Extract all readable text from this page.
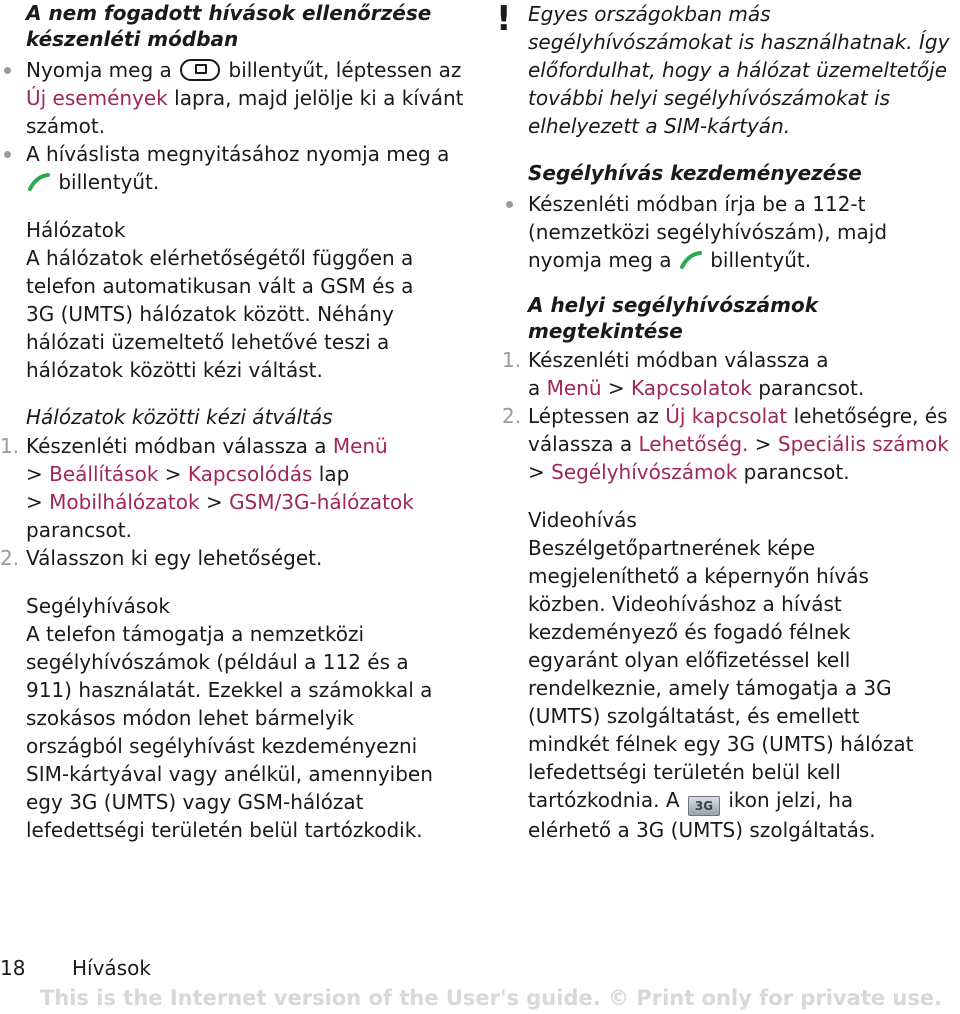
A nem fogadott hívások ellenőrzése készenléti módban

Nyomja meg a	billentyűt, léptessen az Új események lapra, majd jelölje ki a kívánt számot.
A híváslista megnyitásához nyomja meg a  billentyűt.

Hálózatok

A hálózatok elérhetőségétől függően a telefon automatikusan vált a GSM és a 3G (UMTS) hálózatok között. Néhány hálózati üzemeltető lehetővé teszi a hálózatok közötti kézi váltást.

Hálózatok közötti kézi átváltás

1. Készenléti módban válassza a Menü
> Beállítások > Kapcsolódás lap
> Mobilhálózatok > GSM/3G-hálózatok
parancsot.
2. Válasszon ki egy lehetőséget.

Segélyhívások

A telefon támogatja a nemzetközi segélyhívószámok (például a 112 és a 911) használatát. Ezekkel a számokkal a szokásos módon lehet bármelyik országból segélyhívást kezdeményezni SIM-kártyával vagy anélkül, amennyiben egy 3G (UMTS) vagy GSM-hálózat lefedettségi területén belül tartózkodik.

! Egyes országokban más segélyhívószámokat is használhatnak. Így előfordulhat, hogy a hálózat üzemeltetője további helyi segélyhívószámokat is elhelyezett a SIM-kártyán.

Segélyhívás kezdeményezése

Készenléti módban írja be a 112-t (nemzetközi segélyhívószám), majd nyomja meg a billentyűt.

A helyi segélyhívószámok megtekintése

1. Készenléti módban válassza a
a Menü > Kapcsolatok parancsot.
2. Léptessen az Új kapcsolat lehetőségre, és válassza a Lehetőség. > Speciális számok > Segélyhívószámok parancsot.

Videohívás

Beszélgetőpartnerének képe megjeleníthető a képernyőn hívás közben. Videohíváshoz a hívást kezdeményező és fogadó félnek egyaránt olyan előfizetéssel kell rendelkeznie, amely támogatja a 3G (UMTS) szolgáltatást, és emellett mindkét félnek egy 3G (UMTS) hálózat lefedettségi területén belül kell tartózkodnia. A 3G ikon jelzi, ha elérhető a 3G (UMTS) szolgáltatás.

18 Hívások
This is the Internet version of the User's guide. © Print only for private use.
